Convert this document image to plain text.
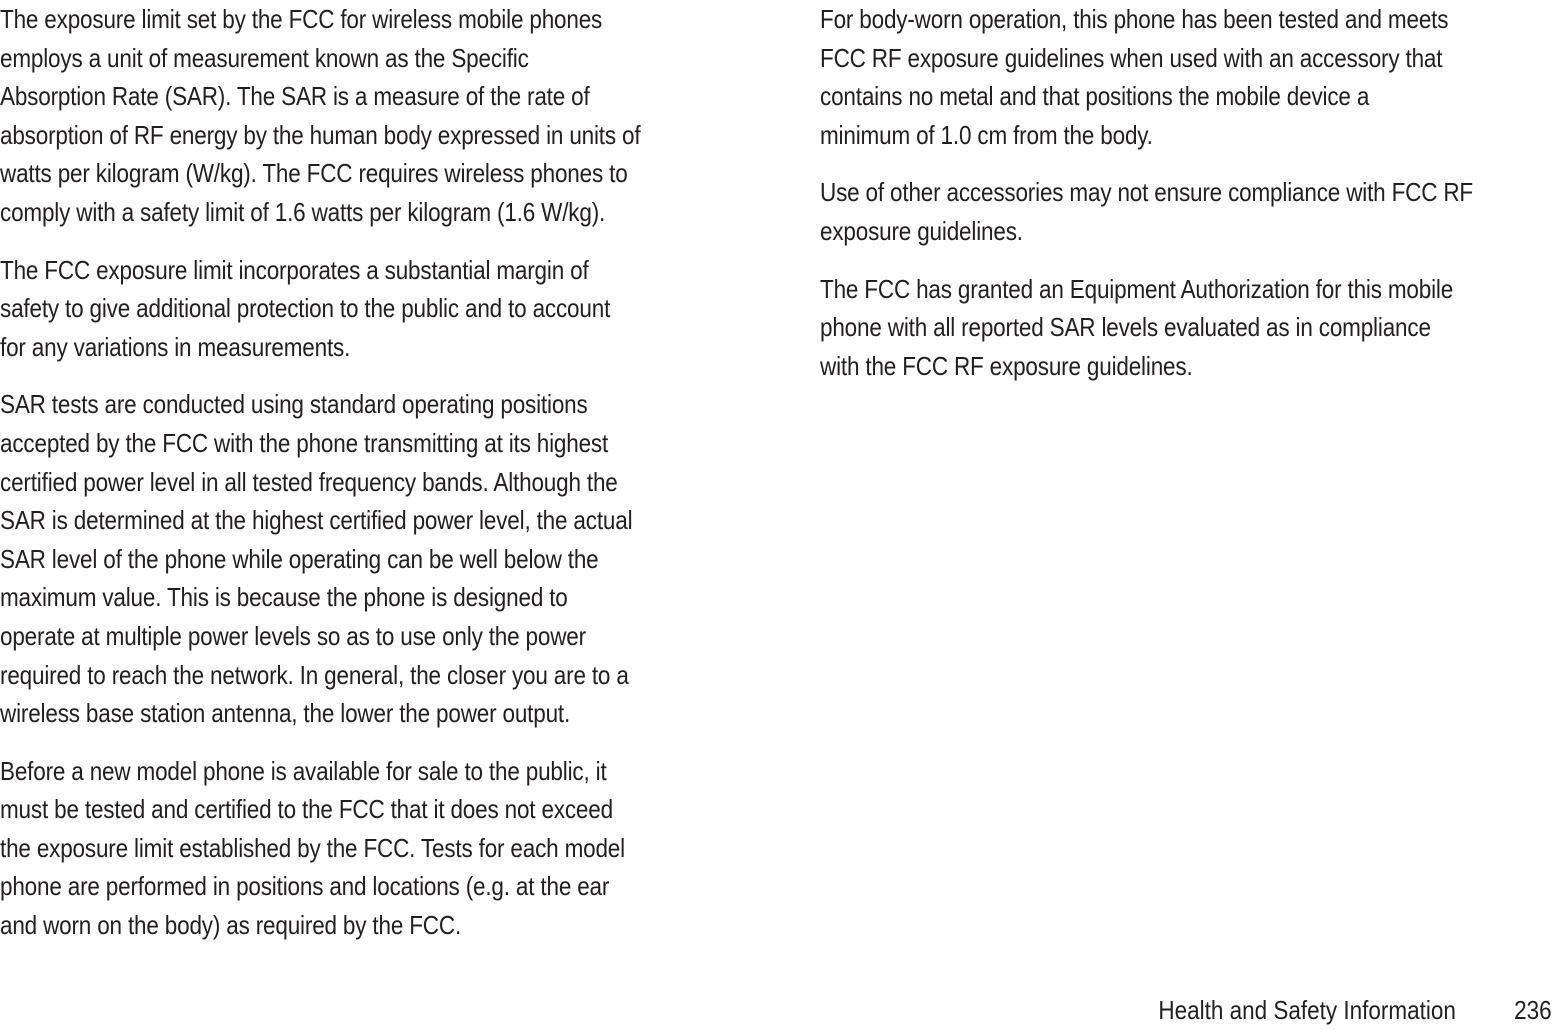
The exposure limit set by the FCC for wireless mobile phones
employs a unit of measurement known as the Specific
Absorption Rate (SAR). The SAR is a measure of the rate of
absorption of RF energy by the human body expressed in units of
watts per kilogram (W/kg). The FCC requires wireless phones to
comply with a safety limit of 1.6 watts per kilogram (1.6 W/kg).

The FCC exposure limit incorporates a substantial margin of
safety to give additional protection to the public and to account
for any variations in measurements.

SAR tests are conducted using standard operating positions
accepted by the FCC with the phone transmitting at its highest
certified power level in all tested frequency bands. Although the
SAR is determined at the highest certified power level, the actual
SAR level of the phone while operating can be well below the
maximum value. This is because the phone is designed to
operate at multiple power levels so as to use only the power
required to reach the network. In general, the closer you are to a
wireless base station antenna, the lower the power output.

Before a new model phone is available for sale to the public, it
must be tested and certified to the FCC that it does not exceed
the exposure limit established by the FCC. Tests for each model
phone are performed in positions and locations (e.g. at the ear
and worn on the body) as required by the FCC.

For body-worn operation, this phone has been tested and meets
FCC RF exposure guidelines when used with an accessory that
contains no metal and that positions the mobile device a
minimum of 1.0 cm from the body.

Use of other accessories may not ensure compliance with FCC RF
exposure guidelines.

The FCC has granted an Equipment Authorization for this mobile
phone with all reported SAR levels evaluated as in compliance
with the FCC RF exposure guidelines.

Health and Safety Information 236
